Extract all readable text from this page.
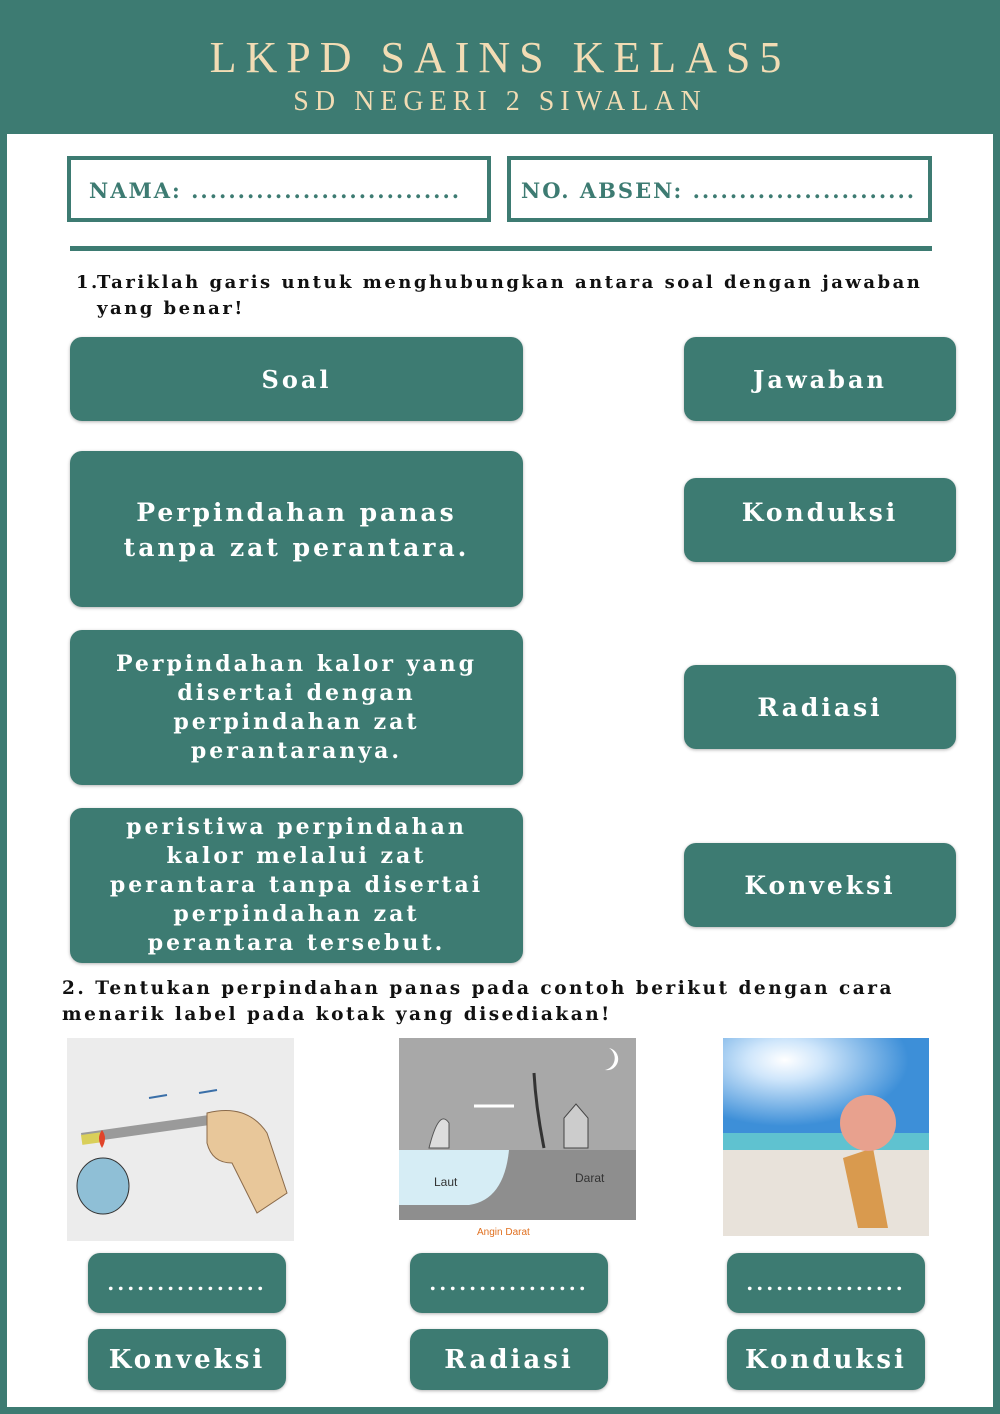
LKPD SAINS KELAS5
SD NEGERI 2 SIWALAN
NAMA: .............................	NO. ABSEN: ........................
1.
Tariklah garis untuk menghubungkan antara soal dengan jawaban yang benar!
Soal	Jawaban
Perpindahan panas tanpa zat perantara.
Perpindahan kalor yang disertai dengan perpindahan zat perantaranya.
peristiwa perpindahan kalor melalui zat perantara tanpa disertai perpindahan zat perantara tersebut.
Konduksi
Radiasi
Konveksi
2. Tentukan perpindahan panas pada contoh berikut dengan cara menarik label pada kotak yang disediakan!
Laut	Darat
Angin Darat
................	................	................
Konveksi	Radiasi	Konduksi
